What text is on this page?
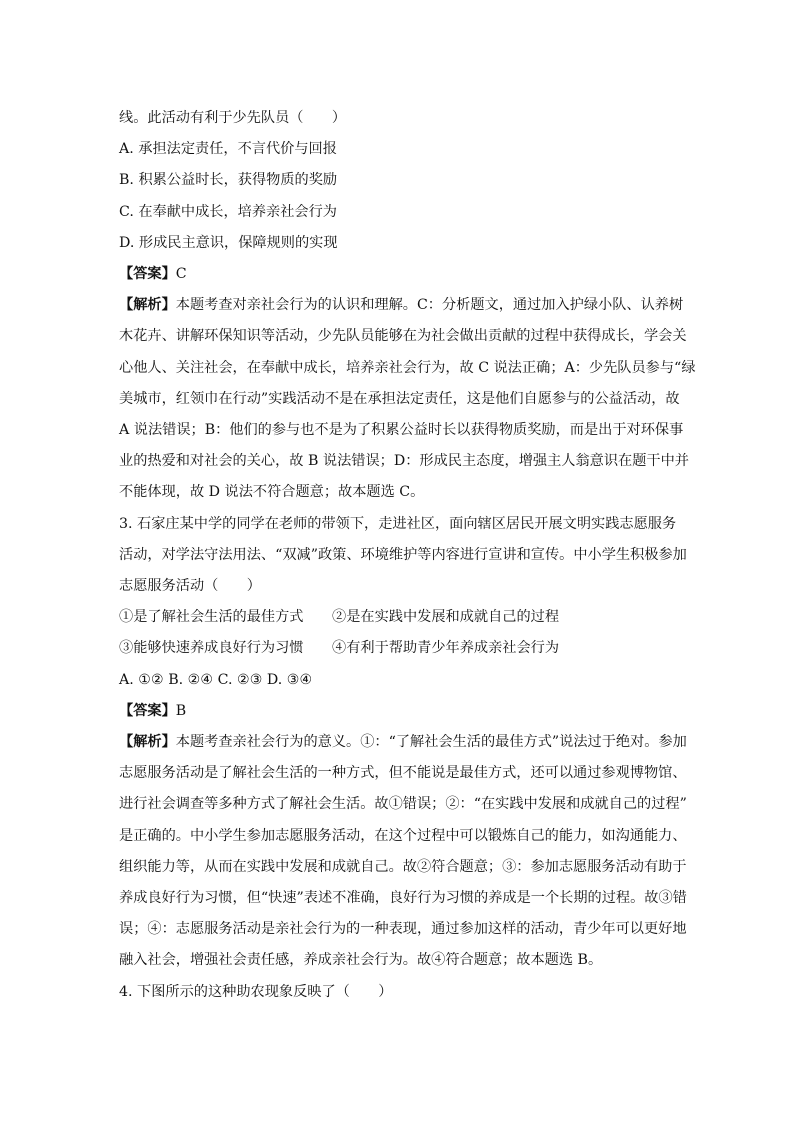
线。此活动有利于少先队员（　　）
A. 承担法定责任，不言代价与回报
B. 积累公益时长，获得物质的奖励
C. 在奉献中成长，培养亲社会行为
D. 形成民主意识，保障规则的实现
【答案】C
【解析】本题考查对亲社会行为的认识和理解。C：分析题文，通过加入护绿小队、认养树
木花卉、讲解环保知识等活动，少先队员能够在为社会做出贡献的过程中获得成长，学会关
心他人、关注社会，在奉献中成长，培养亲社会行为，故 C 说法正确；A：少先队员参与“绿
美城市，红领巾在行动”实践活动不是在承担法定责任，这是他们自愿参与的公益活动，故
A 说法错误；B：他们的参与也不是为了积累公益时长以获得物质奖励，而是出于对环保事
业的热爱和对社会的关心，故 B 说法错误；D：形成民主态度，增强主人翁意识在题干中并
不能体现，故 D 说法不符合题意；故本题选 C。
3. 石家庄某中学的同学在老师的带领下，走进社区，面向辖区居民开展文明实践志愿服务
活动，对学法守法用法、“双减”政策、环境维护等内容进行宣讲和宣传。中小学生积极参加
志愿服务活动（　　）
①是了解社会生活的最佳方式	②是在实践中发展和成就自己的过程
③能够快速养成良好行为习惯	④有利于帮助青少年养成亲社会行为
A. ①② B. ②④ C. ②③ D. ③④
【答案】B
【解析】本题考查亲社会行为的意义。①：“了解社会生活的最佳方式”说法过于绝对。参加
志愿服务活动是了解社会生活的一种方式，但不能说是最佳方式，还可以通过参观博物馆、
进行社会调查等多种方式了解社会生活。故①错误；②：“在实践中发展和成就自己的过程”
是正确的。中小学生参加志愿服务活动，在这个过程中可以锻炼自己的能力，如沟通能力、
组织能力等，从而在实践中发展和成就自己。故②符合题意；③：参加志愿服务活动有助于
养成良好行为习惯，但“快速”表述不准确，良好行为习惯的养成是一个长期的过程。故③错
误；④：志愿服务活动是亲社会行为的一种表现，通过参加这样的活动，青少年可以更好地
融入社会，增强社会责任感，养成亲社会行为。故④符合题意；故本题选 B。
4. 下图所示的这种助农现象反映了（　　）
